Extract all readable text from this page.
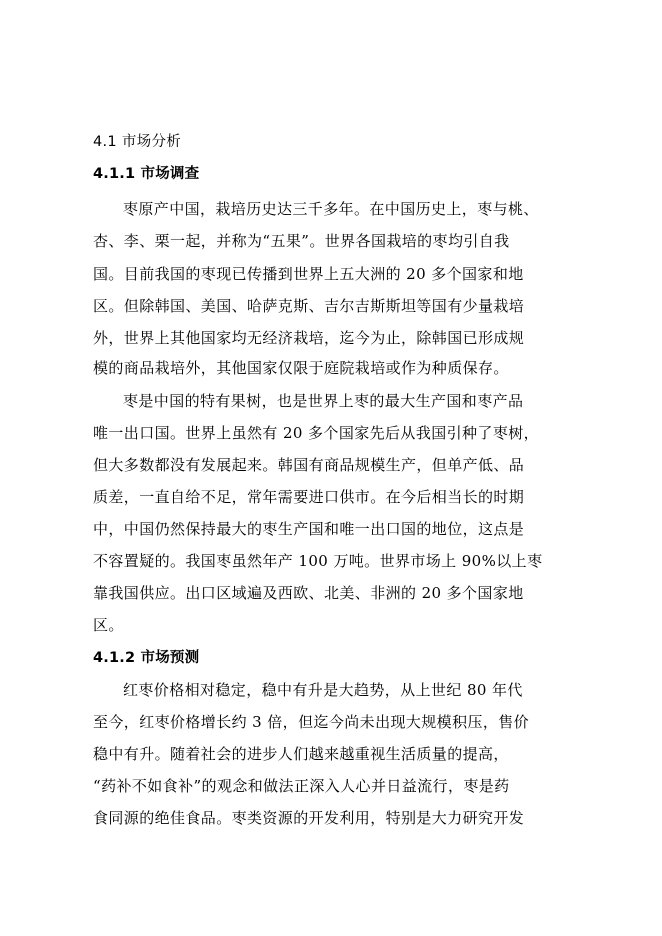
4.1 市场分析
4.1.1 市场调查
枣原产中国，栽培历史达三千多年。在中国历史上，枣与桃、
杏、李、栗一起，并称为“五果”。世界各国栽培的枣均引自我
国。目前我国的枣现已传播到世界上五大洲的 20 多个国家和地
区。但除韩国、美国、哈萨克斯、吉尔吉斯斯坦等国有少量栽培
外，世界上其他国家均无经济栽培，迄今为止，除韩国已形成规
模的商品栽培外，其他国家仅限于庭院栽培或作为种质保存。
枣是中国的特有果树，也是世界上枣的最大生产国和枣产品
唯一出口国。世界上虽然有 20 多个国家先后从我国引种了枣树，
但大多数都没有发展起来。韩国有商品规模生产，但单产低、品
质差，一直自给不足，常年需要进口供市。在今后相当长的时期
中，中国仍然保持最大的枣生产国和唯一出口国的地位，这点是
不容置疑的。我国枣虽然年产 100 万吨。世界市场上 90%以上枣
靠我国供应。出口区域遍及西欧、北美、非洲的 20 多个国家地
区。
4.1.2 市场预测
红枣价格相对稳定，稳中有升是大趋势，从上世纪 80 年代
至今，红枣价格增长约 3 倍，但迄今尚未出现大规模积压，售价
稳中有升。随着社会的进步人们越来越重视生活质量的提高，
“药补不如食补”的观念和做法正深入人心并日益流行，枣是药
食同源的绝佳食品。枣类资源的开发利用，特别是大力研究开发
